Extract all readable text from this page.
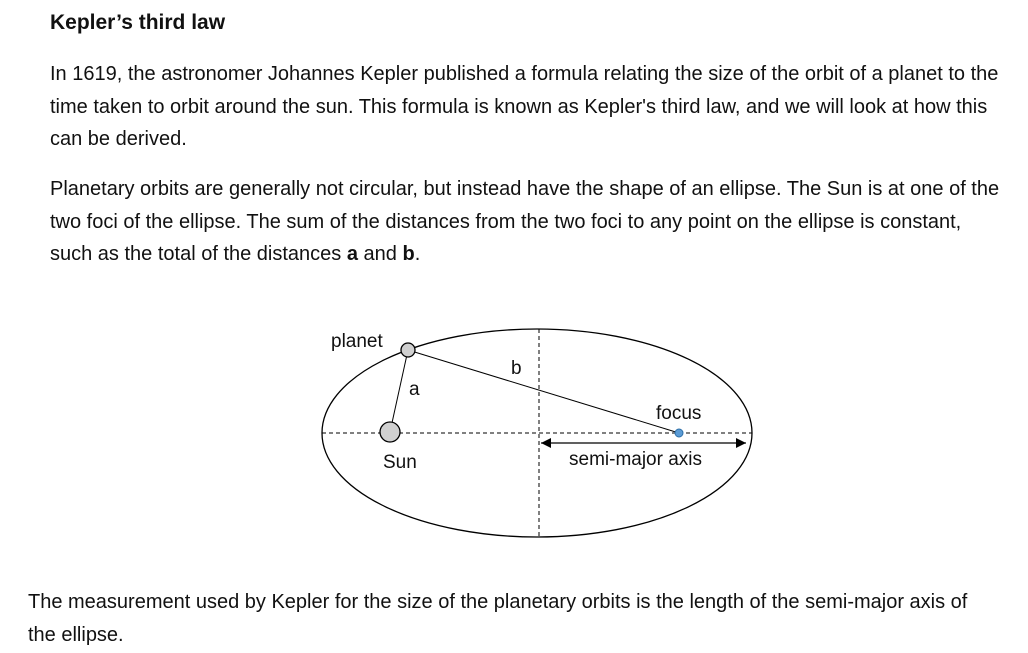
Kepler’s third law

In 1619, the astronomer Johannes Kepler published a formula relating the size of the orbit of a planet to the time taken to orbit around the sun. This formula is known as Kepler's third law, and we will look at how this can be derived.

Planetary orbits are generally not circular, but instead have the shape of an ellipse. The Sun is at one of the two foci of the ellipse. The sum of the distances from the two foci to any point on the ellipse is constant, such as the total of the distances a and b.

planet
a
b
focus
Sun	semi-major axis

The measurement used by Kepler for the size of the planetary orbits is the length of the semi-major axis of the ellipse.
